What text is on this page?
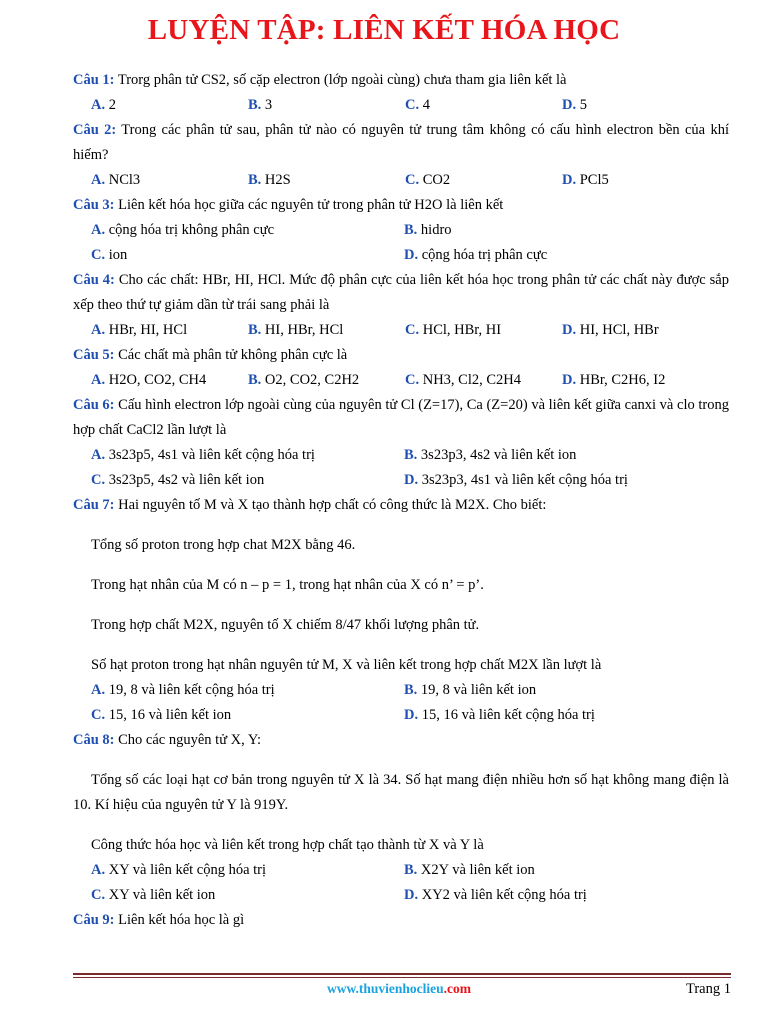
LUYỆN TẬP: LIÊN KẾT HÓA HỌC
Câu 1: Trorg phân tử CS2, số cặp electron (lớp ngoài cùng) chưa tham gia liên kết là
A. 2	B. 3	C. 4	D. 5
Câu 2: Trong các phân tử sau, phân tử nào có nguyên tử trung tâm không có cấu hình electron bền của khí hiếm?
A. NCl3	B. H2S	C. CO2	D. PCl5
Câu 3: Liên kết hóa học giữa các nguyên tử trong phân tử H2O là liên kết
A. cộng hóa trị không phân cực	B. hidro
C. ion	D. cộng hóa trị phân cực
Câu 4: Cho các chất: HBr, HI, HCl. Mức độ phân cực của liên kết hóa học trong phân tử các chất này được sắp xếp theo thứ tự giảm dần từ trái sang phải là
A. HBr, HI, HCl	B. HI, HBr, HCl	C. HCl, HBr, HI	D. HI, HCl, HBr
Câu 5: Các chất mà phân tử không phân cực là
A. H2O, CO2, CH4	B. O2, CO2, C2H2	C. NH3, Cl2, C2H4	D. HBr, C2H6, I2
Câu 6: Cấu hình electron lớp ngoài cùng của nguyên tử Cl (Z=17), Ca (Z=20) và liên kết giữa canxi và clo trong hợp chất CaCl2 lần lượt là
A. 3s23p5, 4s1 và liên kết cộng hóa trị	B. 3s23p3, 4s2 và liên kết ion
C. 3s23p5, 4s2 và liên kết ion	D. 3s23p3, 4s1 và liên kết cộng hóa trị
Câu 7: Hai nguyên tố M và X tạo thành hợp chất có công thức là M2X. Cho biết:
Tổng số proton trong hợp chat M2X bằng 46.
Trong hạt nhân của M có n – p = 1, trong hạt nhân của X có n’ = p’.
Trong hợp chất M2X, nguyên tố X chiếm 8/47 khối lượng phân tử.
Số hạt proton trong hạt nhân nguyên tử M, X và liên kết trong hợp chất M2X lần lượt là
A. 19, 8 và liên kết cộng hóa trị	B. 19, 8 và liên kết ion
C. 15, 16 và liên kết ion	D. 15, 16 và liên kết cộng hóa trị
Câu 8: Cho các nguyên tử X, Y:
Tổng số các loại hạt cơ bản trong nguyên tử X là 34. Số hạt mang điện nhiều hơn số hạt không mang điện là 10. Kí hiệu của nguyên tử Y là 919Y.
Công thức hóa học và liên kết trong hợp chất tạo thành từ X và Y là
A. XY và liên kết cộng hóa trị	B. X2Y và liên kết ion
C. XY và liên kết ion	D. XY2 và liên kết cộng hóa trị
Câu 9: Liên kết hóa học là gì
www.thuvienhoclieu.com	Trang 1
